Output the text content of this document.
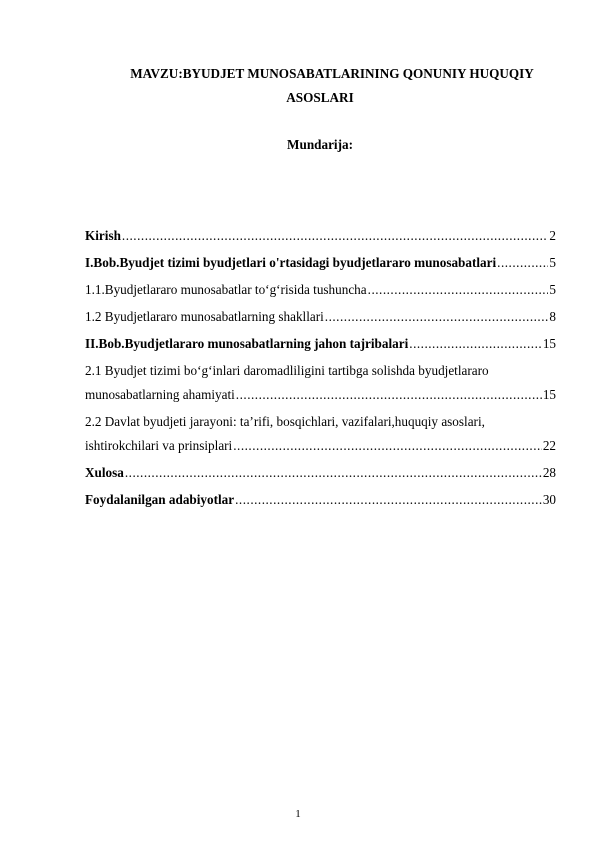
MAVZU:BYUDJET MUNOSABATLARINING QONUNIY HUQUQIY
ASOSLARI
Mundarija:
Kirish .....	2
I.Bob.Byudjet tizimi byudjetlari o'rtasidagi byudjetlararo munosabatlari .....	5
1.1.Byudjetlararo munosabatlar to‘g‘risida tushuncha .....	5
1.2 Byudjetlararo munosabatlarning shakllari .....	8
II.Bob.Byudjetlararo munosabatlarning jahon tajribalari .....	15
2.1 Byudjet tizimi bo‘g‘inlari daromadliligini tartibga solishda byudjetlararo
munosabatlarning ahamiyati .....	15
2.2 Davlat byudjeti jarayoni: ta’rifi, bosqichlari, vazifalari,huquqiy asoslari,
ishtirokchilari va prinsiplari .....	22
Xulosa .....	28
Foydalanilgan adabiyotlar .....	30
1
